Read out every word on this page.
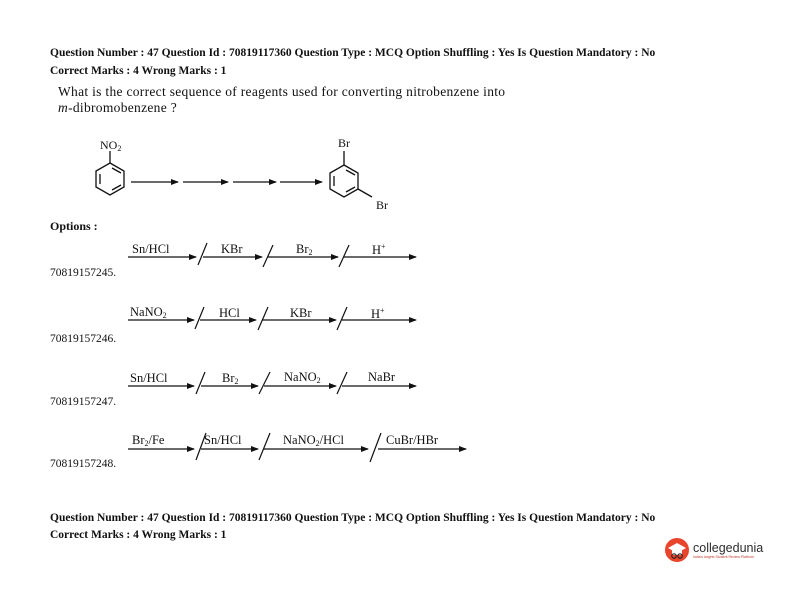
Question Number : 47 Question Id : 70819117360 Question Type : MCQ Option Shuffling : Yes Is Question Mandatory : No
Correct Marks : 4 Wrong Marks : 1
What is the correct sequence of reagents used for converting nitrobenzene into
m-dibromobenzene ?
$NO_2$	Br
Br
Options :
70819157245.
Sn/HCl	KBr	$Br_2$	H+
70819157246.
NaNO$_2$	HCl	KBr	H+
70819157247.
Sn/HCl	$Br_2$	NaNO$_2$	NaBr
70819157248.
$Br_2/Fe$	Sn/HCl	NaNO$_2$/HCl	CuBr/HBr
Question Number : 47 Question Id : 70819117360 Question Type : MCQ Option Shuffling : Yes Is Question Mandatory : No
Correct Marks : 4 Wrong Marks : 1
collegedunia
India's largest Student Review Platform
